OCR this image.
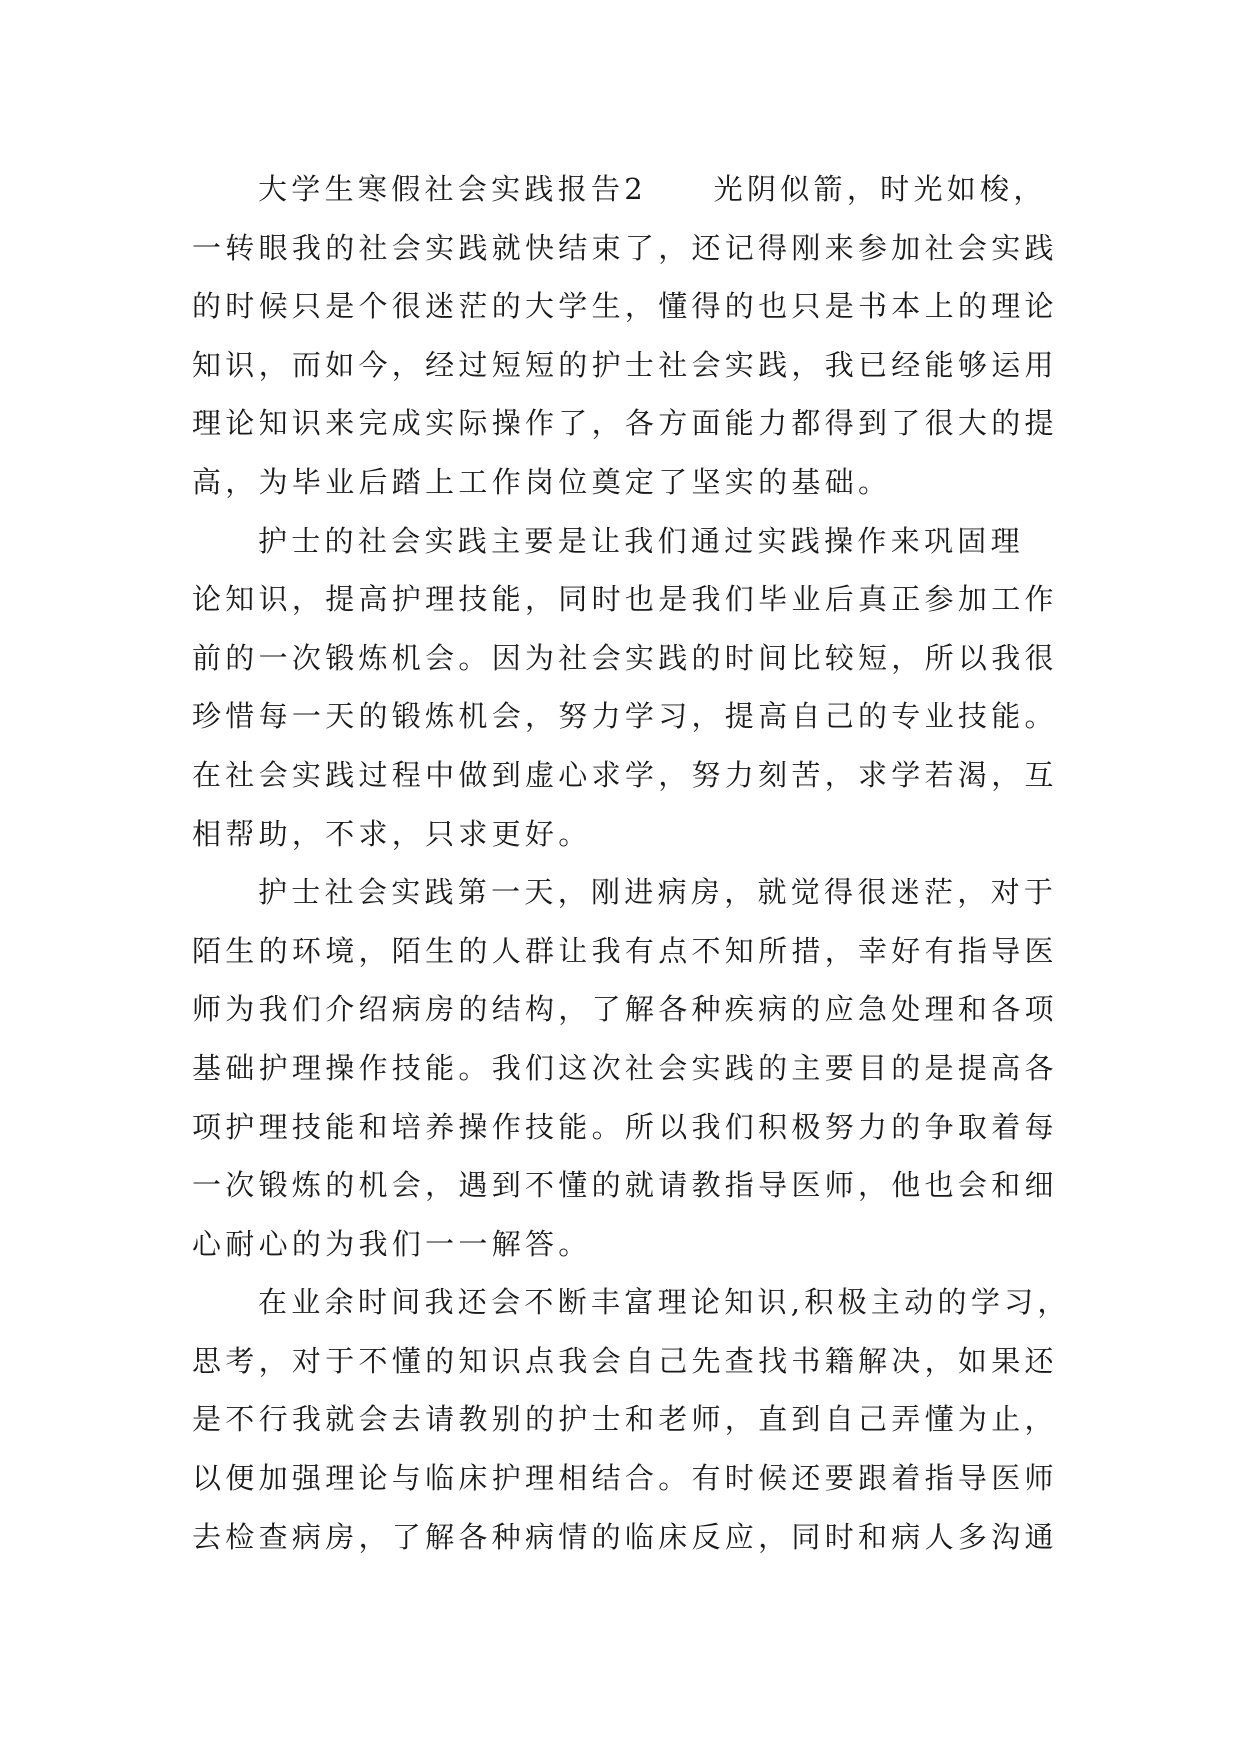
大学生寒假社会实践报告2　　光阴似箭，时光如梭，
一转眼我的社会实践就快结束了，还记得刚来参加社会实践
的时候只是个很迷茫的大学生，懂得的也只是书本上的理论
知识，而如今，经过短短的护士社会实践，我已经能够运用
理论知识来完成实际操作了，各方面能力都得到了很大的提
高，为毕业后踏上工作岗位奠定了坚实的基础。
护士的社会实践主要是让我们通过实践操作来巩固理
论知识，提高护理技能，同时也是我们毕业后真正参加工作
前的一次锻炼机会。因为社会实践的时间比较短，所以我很
珍惜每一天的锻炼机会，努力学习，提高自己的专业技能。
在社会实践过程中做到虚心求学，努力刻苦，求学若渴，互
相帮助，不求，只求更好。
护士社会实践第一天，刚进病房，就觉得很迷茫，对于
陌生的环境，陌生的人群让我有点不知所措，幸好有指导医
师为我们介绍病房的结构，了解各种疾病的应急处理和各项
基础护理操作技能。我们这次社会实践的主要目的是提高各
项护理技能和培养操作技能。所以我们积极努力的争取着每
一次锻炼的机会，遇到不懂的就请教指导医师，他也会和细
心耐心的为我们一一解答。
在业余时间我还会不断丰富理论知识,积极主动的学习，
思考，对于不懂的知识点我会自己先查找书籍解决，如果还
是不行我就会去请教别的护士和老师，直到自己弄懂为止，
以便加强理论与临床护理相结合。有时候还要跟着指导医师
去检查病房，了解各种病情的临床反应，同时和病人多沟通
